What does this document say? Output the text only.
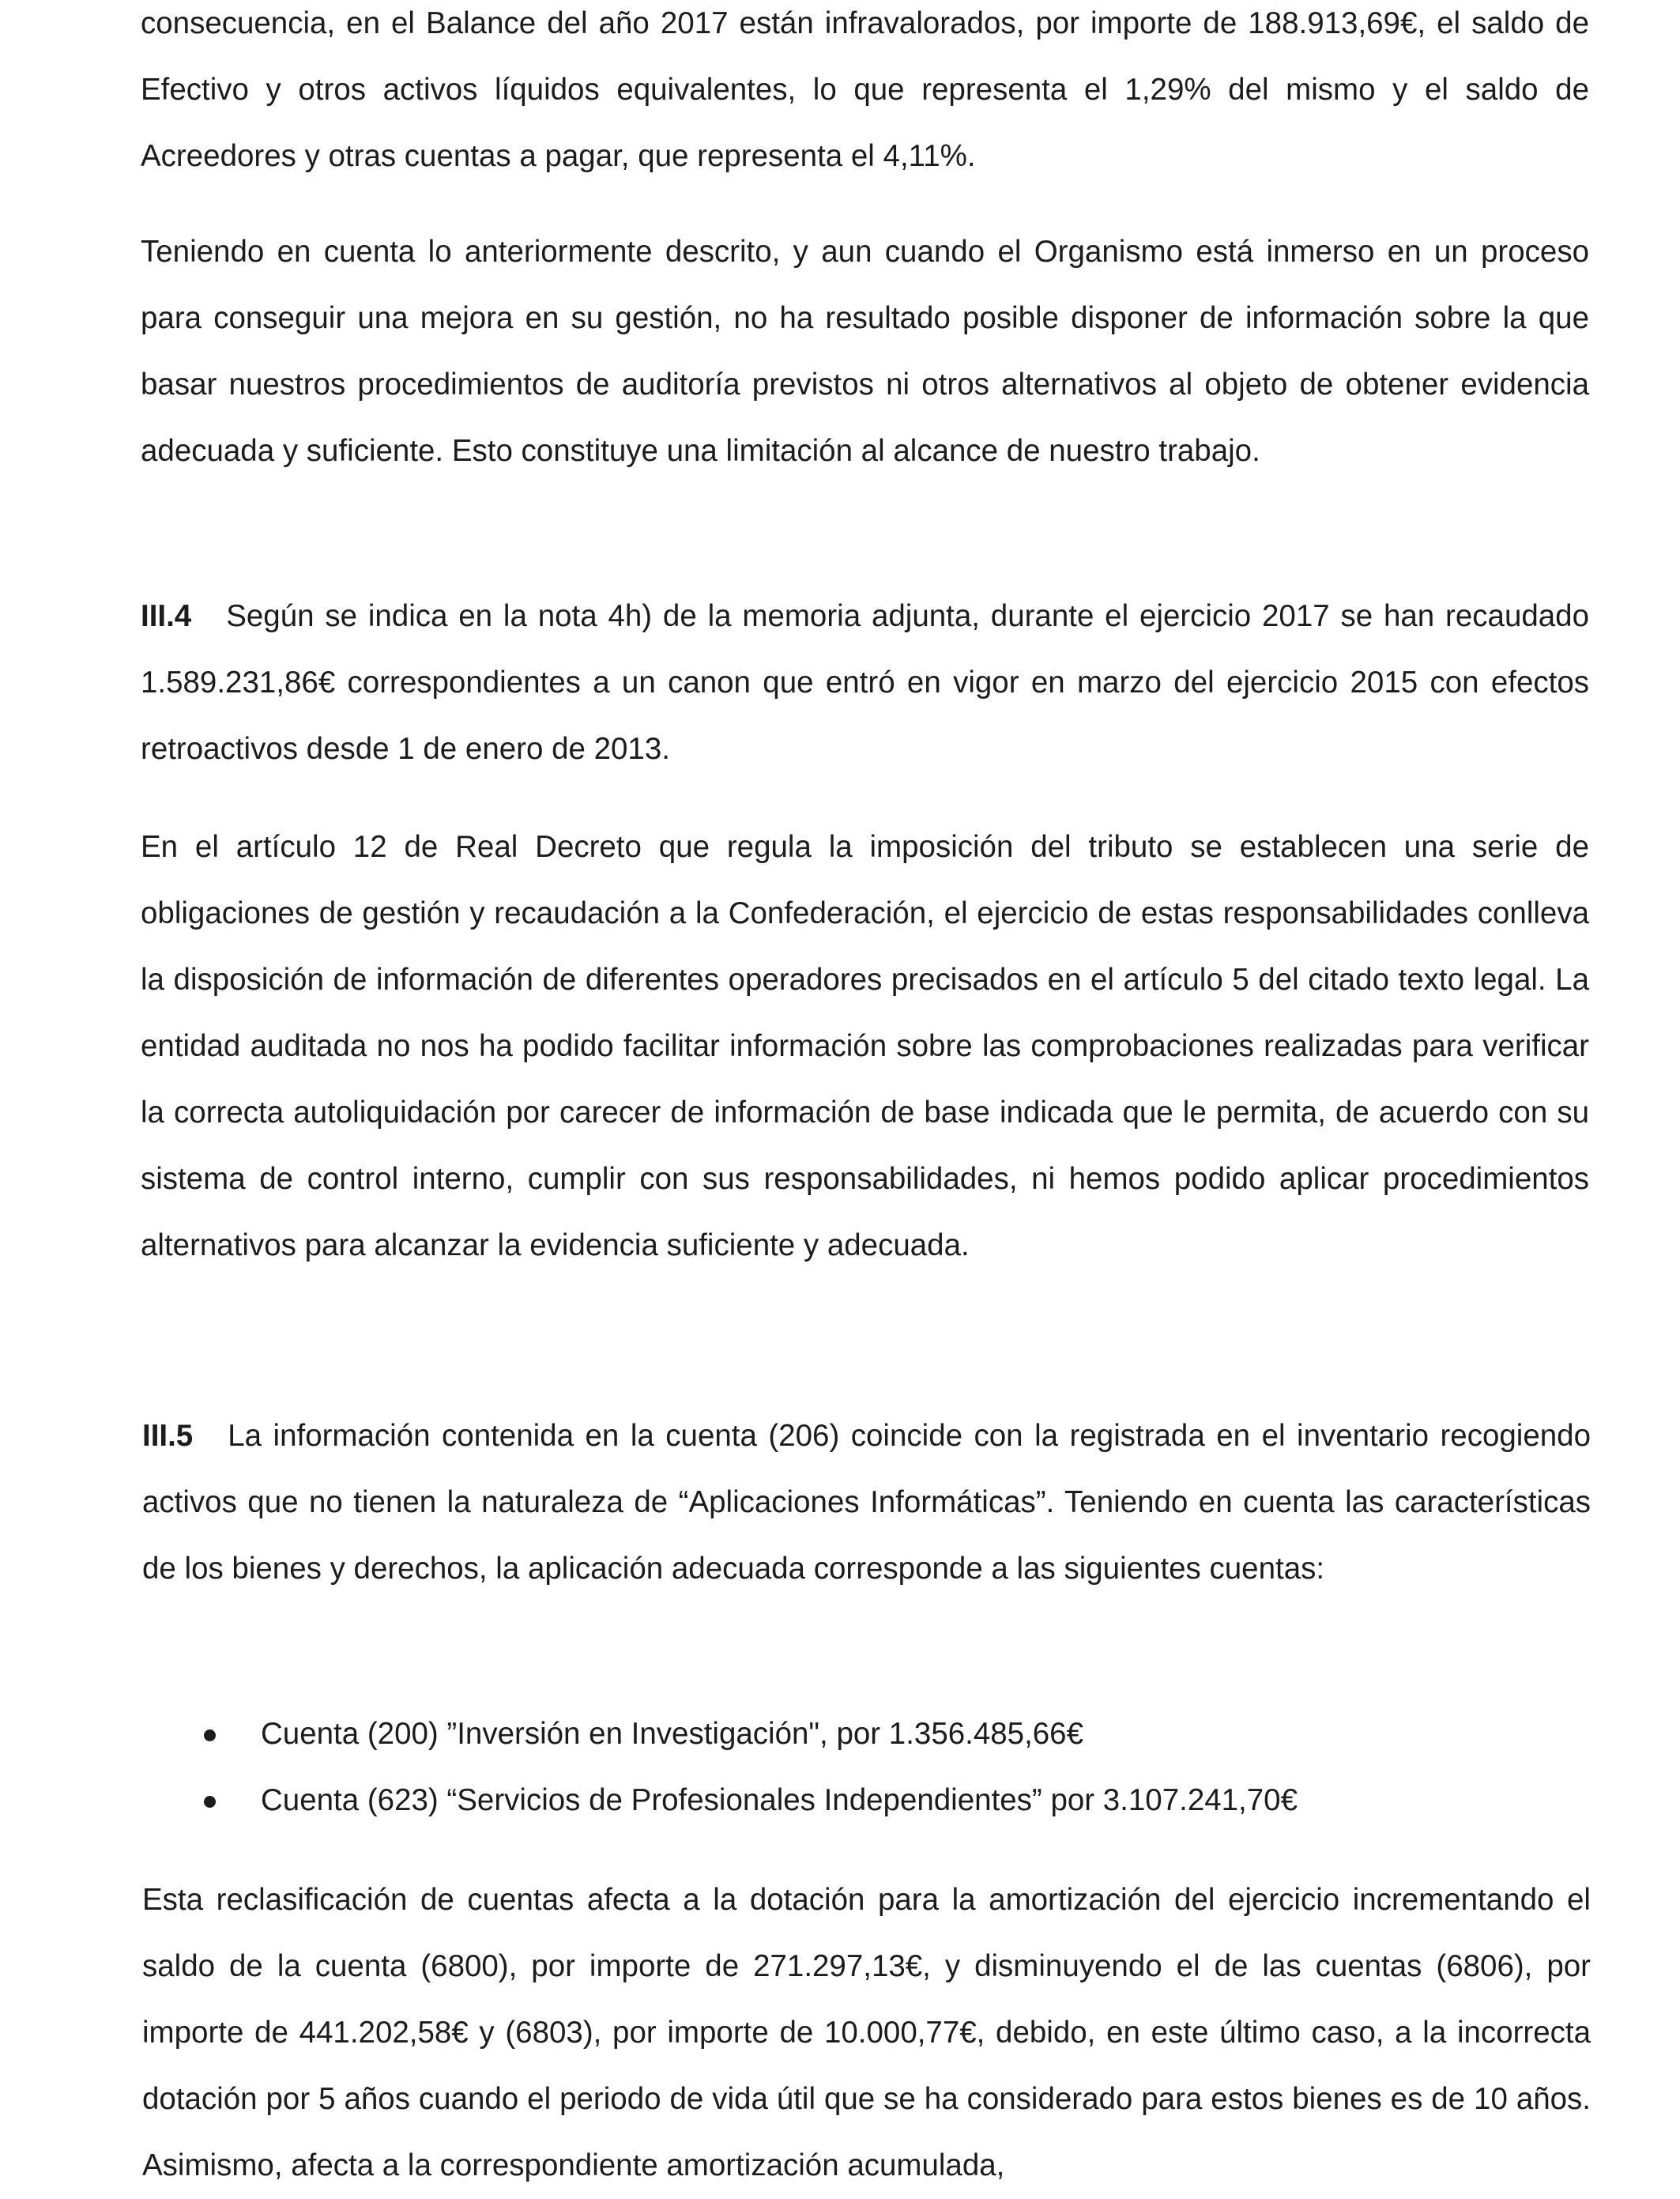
consecuencia, en el Balance del año 2017 están infravalorados, por importe de 188.913,69€, el saldo de Efectivo y otros activos líquidos equivalentes, lo que representa el 1,29% del mismo y el saldo de Acreedores y otras cuentas a pagar, que representa el 4,11%.

Teniendo en cuenta lo anteriormente descrito, y aun cuando el Organismo está inmerso en un proceso para conseguir una mejora en su gestión, no ha resultado posible disponer de información sobre la que basar nuestros procedimientos de auditoría previstos ni otros alternativos al objeto de obtener evidencia adecuada y suficiente. Esto constituye una limitación al alcance de nuestro trabajo.

III.4 Según se indica en la nota 4h) de la memoria adjunta, durante el ejercicio 2017 se han recaudado 1.589.231,86€ correspondientes a un canon que entró en vigor en marzo del ejercicio 2015 con efectos retroactivos desde 1 de enero de 2013.

En el artículo 12 de Real Decreto que regula la imposición del tributo se establecen una serie de obligaciones de gestión y recaudación a la Confederación, el ejercicio de estas responsabilidades conlleva la disposición de información de diferentes operadores precisados en el artículo 5 del citado texto legal. La entidad auditada no nos ha podido facilitar información sobre las comprobaciones realizadas para verificar la correcta autoliquidación por carecer de información de base indicada que le permita, de acuerdo con su sistema de control interno, cumplir con sus responsabilidades, ni hemos podido aplicar procedimientos alternativos para alcanzar la evidencia suficiente y adecuada.

III.5 La información contenida en la cuenta (206) coincide con la registrada en el inventario recogiendo activos que no tienen la naturaleza de “Aplicaciones Informáticas”. Teniendo en cuenta las características de los bienes y derechos, la aplicación adecuada corresponde a las siguientes cuentas:

Cuenta (200) ”Inversión en Investigación", por 1.356.485,66€
Cuenta (623) “Servicios de Profesionales Independientes” por 3.107.241,70€

Esta reclasificación de cuentas afecta a la dotación para la amortización del ejercicio incrementando el saldo de la cuenta (6800), por importe de 271.297,13€, y disminuyendo el de las cuentas (6806), por importe de 441.202,58€ y (6803), por importe de 10.000,77€, debido, en este último caso, a la incorrecta dotación por 5 años cuando el periodo de vida útil que se ha considerado para estos bienes es de 10 años. Asimismo, afecta a la correspondiente amortización acumulada,
